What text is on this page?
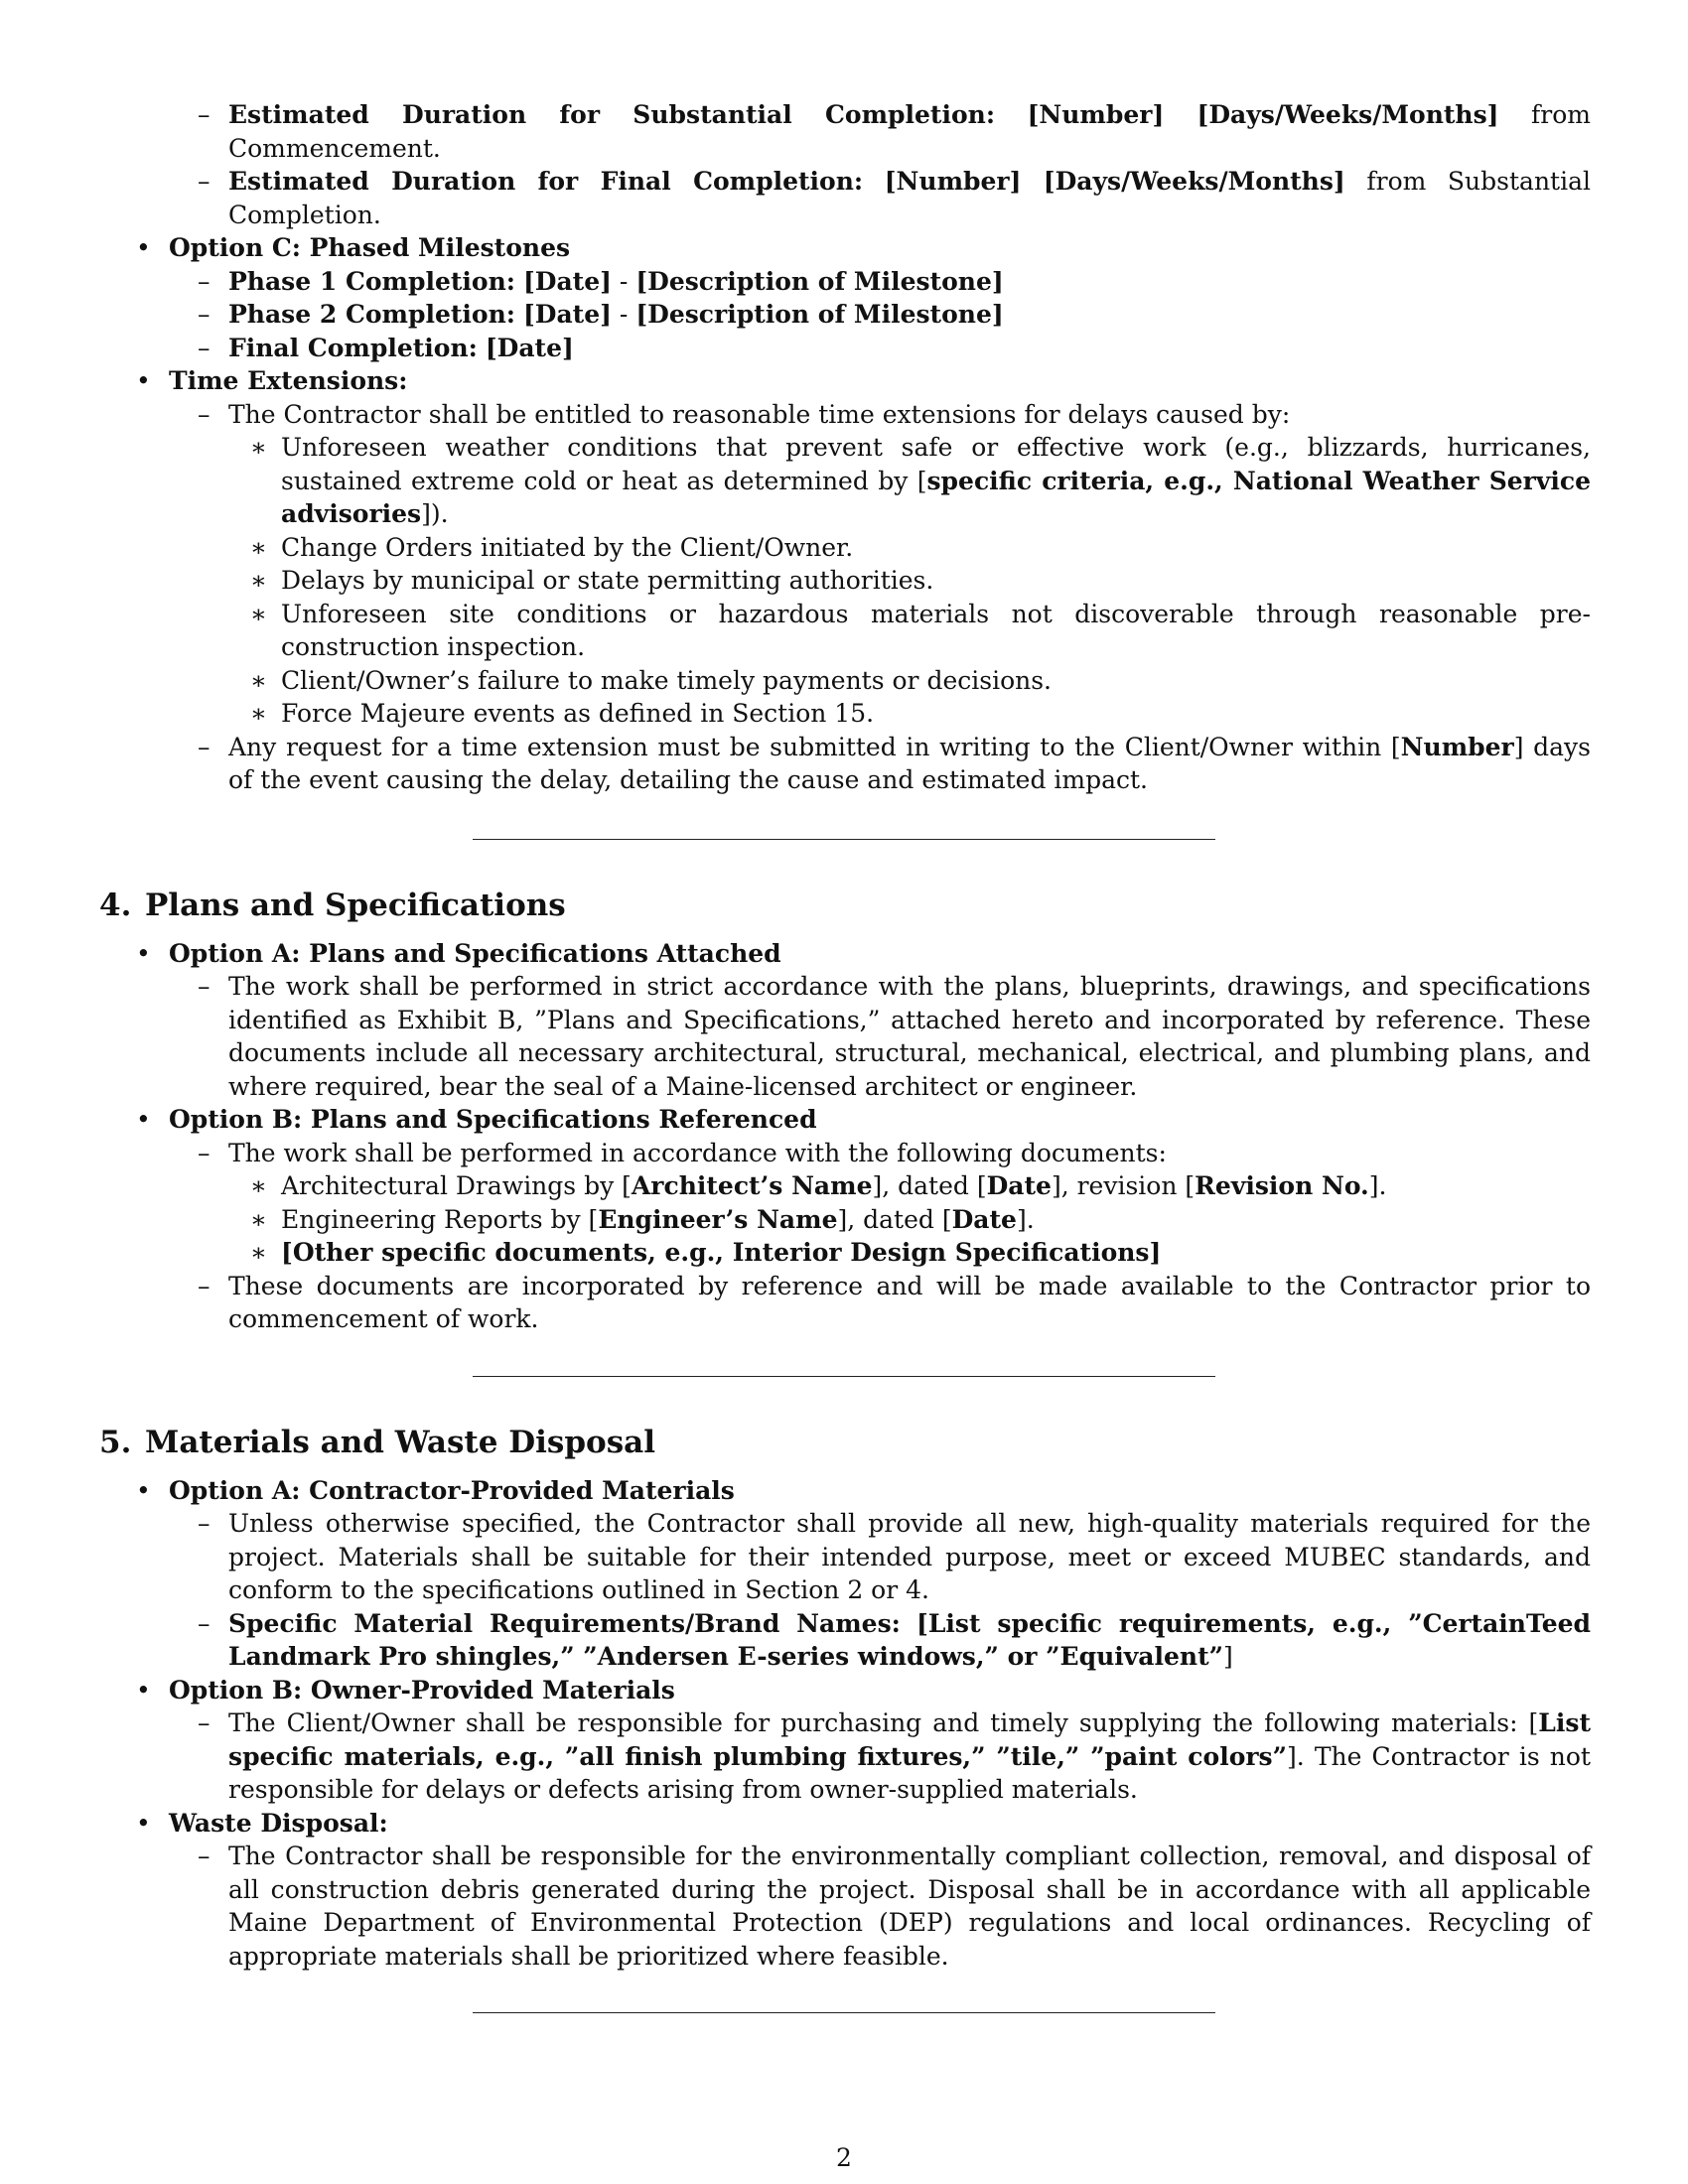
– Estimated Duration for Substantial Completion: [Number] [Days/Weeks/Months] from Commencement.
– Estimated Duration for Final Completion: [Number] [Days/Weeks/Months] from Substantial Completion.
• Option C: Phased Milestones
– Phase 1 Completion: [Date] - [Description of Milestone]
– Phase 2 Completion: [Date] - [Description of Milestone]
– Final Completion: [Date]
• Time Extensions:
– The Contractor shall be entitled to reasonable time extensions for delays caused by:
∗ Unforeseen weather conditions that prevent safe or effective work (e.g., blizzards, hurricanes, sustained extreme cold or heat as determined by [specific criteria, e.g., National Weather Service advisories]).
∗ Change Orders initiated by the Client/Owner.
∗ Delays by municipal or state permitting authorities.
∗ Unforeseen site conditions or hazardous materials not discoverable through reasonable pre-construction inspection.
∗ Client/Owner’s failure to make timely payments or decisions.
∗ Force Majeure events as defined in Section 15.
– Any request for a time extension must be submitted in writing to the Client/Owner within [Number] days of the event causing the delay, detailing the cause and estimated impact.
4. Plans and Specifications
• Option A: Plans and Specifications Attached
– The work shall be performed in strict accordance with the plans, blueprints, drawings, and specifications identified as Exhibit B, ”Plans and Specifications,” attached hereto and incorporated by reference. These documents include all necessary architectural, structural, mechanical, electrical, and plumbing plans, and where required, bear the seal of a Maine-licensed architect or engineer.
• Option B: Plans and Specifications Referenced
– The work shall be performed in accordance with the following documents:
∗ Architectural Drawings by [Architect’s Name], dated [Date], revision [Revision No.].
∗ Engineering Reports by [Engineer’s Name], dated [Date].
∗ [Other specific documents, e.g., Interior Design Specifications]
– These documents are incorporated by reference and will be made available to the Contractor prior to commencement of work.
5. Materials and Waste Disposal
• Option A: Contractor-Provided Materials
– Unless otherwise specified, the Contractor shall provide all new, high-quality materials required for the project. Materials shall be suitable for their intended purpose, meet or exceed MUBEC standards, and conform to the specifications outlined in Section 2 or 4.
– Specific Material Requirements/Brand Names: [List specific requirements, e.g., ”CertainTeed Landmark Pro shingles,” ”Andersen E-series windows,” or ”Equivalent”]
• Option B: Owner-Provided Materials
– The Client/Owner shall be responsible for purchasing and timely supplying the following materials: [List specific materials, e.g., ”all finish plumbing fixtures,” ”tile,” ”paint colors”]. The Contractor is not responsible for delays or defects arising from owner-supplied materials.
• Waste Disposal:
– The Contractor shall be responsible for the environmentally compliant collection, removal, and disposal of all construction debris generated during the project. Disposal shall be in accordance with all applicable Maine Department of Environmental Protection (DEP) regulations and local ordinances. Recycling of appropriate materials shall be prioritized where feasible.
2
